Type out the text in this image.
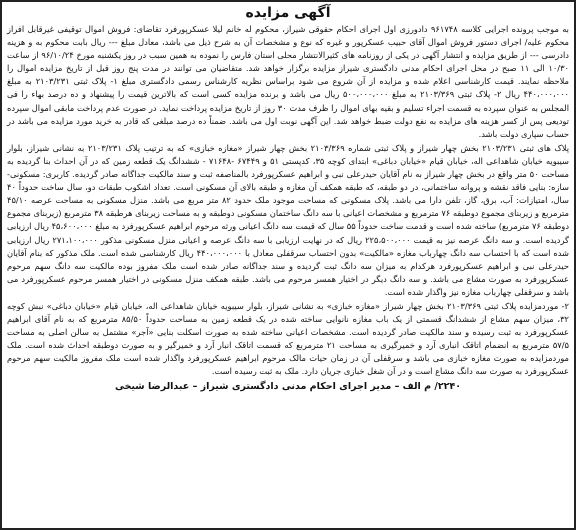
آگهی مزایده
به موجب پرونده اجرایی کلاسه ۹۶۱۷۴۸ دادورزی اول اجرای احکام حقوقی شیراز، محکوم له خانم لیلا عسکرپورفرد تقاضای: فروش اموال توقیفی غیرقابل افراز محکوم علیه/ اجرای دستور فروش اموال آقای حبیب عسکرپور و غیره که نوع و مشخصات آن به شرح ذیل می باشد، معادل مبلغ --- ریال بابت محکوم به و هزینه دادرسی --- از طریق مزایده و انتشار آگهی در یکی از روزنامه های کثیرالانتشار محلی استان فارس را نموده به همین سبب در روز یکشنبه مورخ ۹۶/۱۰/۲۴ از ساعت ۱۰/۳۰ الی ۱۱ صبح در محل اجرای احکام مدنی دادگستری شیراز مزایده برگزار خواهد شد. متقاضیان می توانند در مدت پنج روز قبل از تاریخ مزایده اموال را ملاحظه نمایند. قیمت کارشناسی اعلام شده و مزایده از آن شروع می شود براساس نظریه کارشناس رسمی دادگستری مبلغ ۱- پلاک ثبتی ۲۱۰۳/۲۳۱ به مبلغ ۴۴۰،۰۰۰،۰۰۰ ریال ۲- پلاک ثبتی ۲۱۰۳/۳۶۹ به مبلغ ۵۰۰،۰۰۰،۰۰۰ ریال می باشد و برنده مزایده کسی است که بالاترین قیمت را پیشنهاد و ده درصد بهاء را فی المجلس به عنوان سپرده به قسمت اجراء تسلیم و بقیه بهای اموال را ظرف مدت ۳۰ روز از تاریخ مزایده پرداخت نماید. در صورت عدم پرداخت مابقی اموال سپرده تودیعی پس از کسر هزینه های مزایده به نفع دولت ضبط خواهد شد. این آگهی نوبت اول می باشد. ضمناً ده درصد مبلغی که قادر به خرید مورد مزایده می باشد در حساب سپاری دولت باشد.
پلاک های ثبتی ۲۱۰۳/۲۳۱ بخش چهار شیراز و پلاک ثبتی شماره ۲۱۰۳/۳۶۹ بخش چهار شیراز «مغازه خبازی» که به ترتیب پلاک ۲۱۰۳/۲۳۱ به نشانی شیراز، بلوار سیبویه خیابان شاهداعی اله، خیابان قیام «خیابان دباغی» ابتدای کوچه ۳۵، کدپستی ۵۱ و ۶۷۴۴۹ -۷۱۶۴۸ - ششدانگ یک قطعه زمین که در آن احداث بنا گردیده به مساحت ۵۰ متر واقع در بخش چهار شیراز به نام آقایان حیدرعلی نبی و ابراهیم عسکرپورفرد بالمناصفه ثبت و سند مالکیت جداگانه صادر گردیده. کاربری: مسکونی- سازه: بنایی فاقد نقشه و پروانه ساختمانی، در دو طبقه، که طبقه همکف آن مغازه و طبقه بالای آن مسکونی است. تعداد اشکوب طبقات دو، سال ساخت حدوداً ۴۰ سال، امتیازات: آب، برق، گاز، تلفن دارا می باشد. پلاک مسکونی که مساحت موجود ملک حدود ۸۲ متر مربع می باشد. منزل مسکونی به مساحت عرصه ۴۵/۱۰ مترمربع و زیربنای مجموع دوطبقه ۷۶ مترمربع و مشخصات اعیانی با سه دانگ ساختمان مسکونی دوطبقه و به مساحت زیربنای هرطبقه ۳۸ مترمربع (زیربنای مجموع دوطبقه ۷۶ مترمربع) ساخته شده است و قدمت ساخت حدوداً ۵۵ سال که قیمت سه دانگ اعیانی ورثه مرحوم ابراهیم عسکرپورفرد به مبلغ ۴۵،۶۰۰،۰۰۰ ریال ارزیابی گردیده است. و سه دانگ عرصه نیز به قیمت ۲۲۵،۵۰۰،۰۰۰ ریال که در نهایت ارزیابی با سه دانگ عرصه و اعیانی منزل مسکونی مذکور ۲۷۱،۱۰۰،۰۰۰ ریال ارزیابی شده است که با احتساب سه دانگ چهارباب مغازه «مالکیت» بدون احتساب سرقفلی معادل با ۴۴۰،۰۰۰،۰۰۰ ریال کارشناسی شده است. ملک مذکور که بنام آقایان حیدرعلی نبی و ابراهیم عسکرپورفرد هرکدام به میزان سه دانگ ثبت گردیده و سند جداگانه صادر شده است ملک مفروز بوده مالکیت سه دانگ سهم مرحوم عسکرپورفرد به صورت مشاع می باشد. و سه دانگ دیگر در اختیار همسر مرحوم می باشد. طبقه همکف منزل مسکونی در اختیار همسر مرحوم عسکرپورفرد می باشد و سرقفلی چهارباب مغازه نیز واگذار شده است.
۲- موردمزایده پلاک ثبتی ۲۱۰۳/۳۶۹ بخش چهار شیراز «مغازه خبازی» به نشانی شیراز، بلوار سیبویه خیابان شاهداعی اله، خیابان قیام «خیابان دباغی» نبش کوچه ۳۲، میزان سهم مشاع از ششدانگ قسمتی از یک باب مغازه نانوایی ساخته شده در یک قطعه زمین به مساحت حدوداً ۸۵/۵۰ مترمربع که به نام آقای ابراهیم عسکرپورفرد به ثبت رسیده و سند مالکیت صادر گردیده است. مشخصات اعیانی ساخته شده به صورت اسکلت بنایی «آجر» مشتمل به سالن اصلی به مساحت ۵۷/۵ مترمربع به انضمام اتاقک انباری آرد و خمیرگیری به مساحت ۲۱ مترمربع که قسمت اتاقک انبار آرد و خمیرگیر و به صورت دوطبقه احداث شده است. ملک موردمزایده به صورت مغازه خبازی می باشد و سرقفلی آن در زمان حیات مالک مرحوم ابراهیم عسکرپورفرد واگذار شده است ملک مفروز مالکیت سهم مرحوم عسکرپورفرد به صورت سه دانگ مشاع است و در آن شغل خبازی جریان دارد. ملک به ثبت رسیده است.
۲۲۴۰/ م الف – مدیر اجرای احکام مدنی دادگستری شیراز – عبدالرضا شیخی
